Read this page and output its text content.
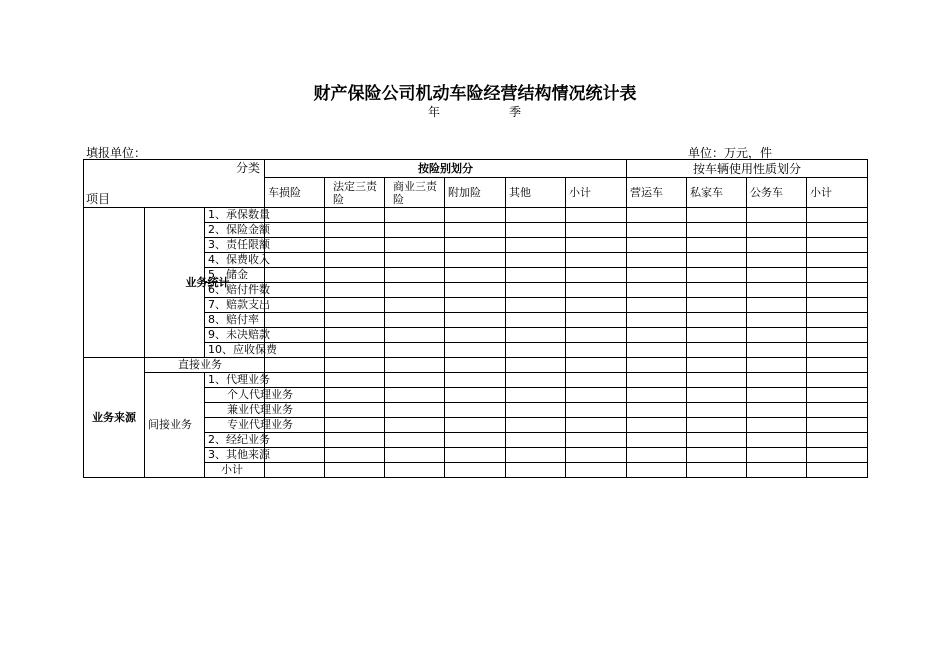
财产保险公司机动车险经营结构情况统计表
年	季
填报单位：	单位：万元，件
分类
项目			按险别划分						按车辆使用性质划分			
			车损险	法定三责险	商业三责险	附加险	其他	小计	营运车	私家车	公务车	小计

	业务统计	1、承保数量										
		2、保险金额										
		3、责任限额										
		4、保费收入										
		5、储金										
		6、赔付件数										
		7、赔款支出										
		8、赔付率										
		9、未决赔款										
		10、应收保费										
业务来源	直接业务											
	间接业务	1、代理业务										
		个人代理业务										
		兼业代理业务										
		专业代理业务										
		2、经纪业务										
		3、其他来源										
		小计										
